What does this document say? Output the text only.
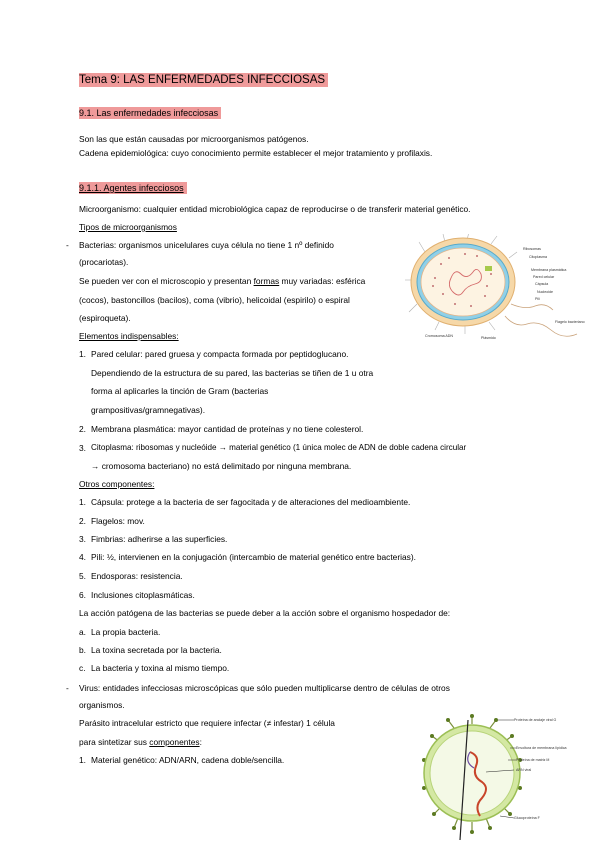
Tema 9: LAS ENFERMEDADES INFECCIOSAS
9.1. Las enfermedades infecciosas
Son las que están causadas por microorganismos patógenos.
Cadena epidemiológica: cuyo conocimiento permite establecer el mejor tratamiento y profilaxis.
9.1.1. Agentes infecciosos
Microorganismo: cualquier entidad microbiológica capaz de reproducirse o de transferir material genético.
Tipos de microorganismos
- Bacterias: organismos unicelulares cuya célula no tiene 1 nº definido
(procariotas).
Se pueden ver con el microscopio y presentan formas muy variadas: esférica
(cocos), bastoncillos (bacilos), coma (vibrio), helicoidal (espirilo) o espiral
(espiroqueta).
Ribosomas
Citoplasma
Membrana plasmática
Pared celular
Cápsula
Nucleoide
Pili
Flagelo bacteriano
Cromosoma ADN	Plásmido
Elementos indispensables:
1. Pared celular: pared gruesa y compacta formada por peptidoglucano.
Dependiendo de la estructura de su pared, las bacterias se tiñen de 1 u otra
forma al aplicarles la tinción de Gram (bacterias
grampositivas/gramnegativas).
2. Membrana plasmática: mayor cantidad de proteínas y no tiene colesterol.
3. Citoplasma: ribosomas y nucleóide → material genético (1 única molec de ADN de doble cadena circular
→ cromosoma bacteriano) no está delimitado por ninguna membrana.
Otros componentes:
1. Cápsula: protege a la bacteria de ser fagocitada y de alteraciones del medioambiente.
2. Flagelos: mov.
3. Fimbrias: adherirse a las superficies.
4. Pili: ½, intervienen en la conjugación (intercambio de material genético entre bacterias).
5. Endosporas: resistencia.
6. Inclusiones citoplasmáticas.
La acción patógena de las bacterias se puede deber a la acción sobre el organismo hospedador de:
a. La propia bacteria.
b. La toxina secretada por la bacteria.
c. La bacteria y toxina al mismo tiempo.
- Virus: entidades infecciosas microscópicas que sólo pueden multiplicarse dentro de células de otros
organismos.
Parásito intracelular estricto que requiere infectar (≠ infestar) 1 célula
para sintetizar sus componentes:
1. Material genético: ADN/ARN, cadena doble/sencilla.
Proteína de anclaje viral G
Envoltura de membrana lipídica
Proteína de matriz M
ARN viral
Glucoproteína F
